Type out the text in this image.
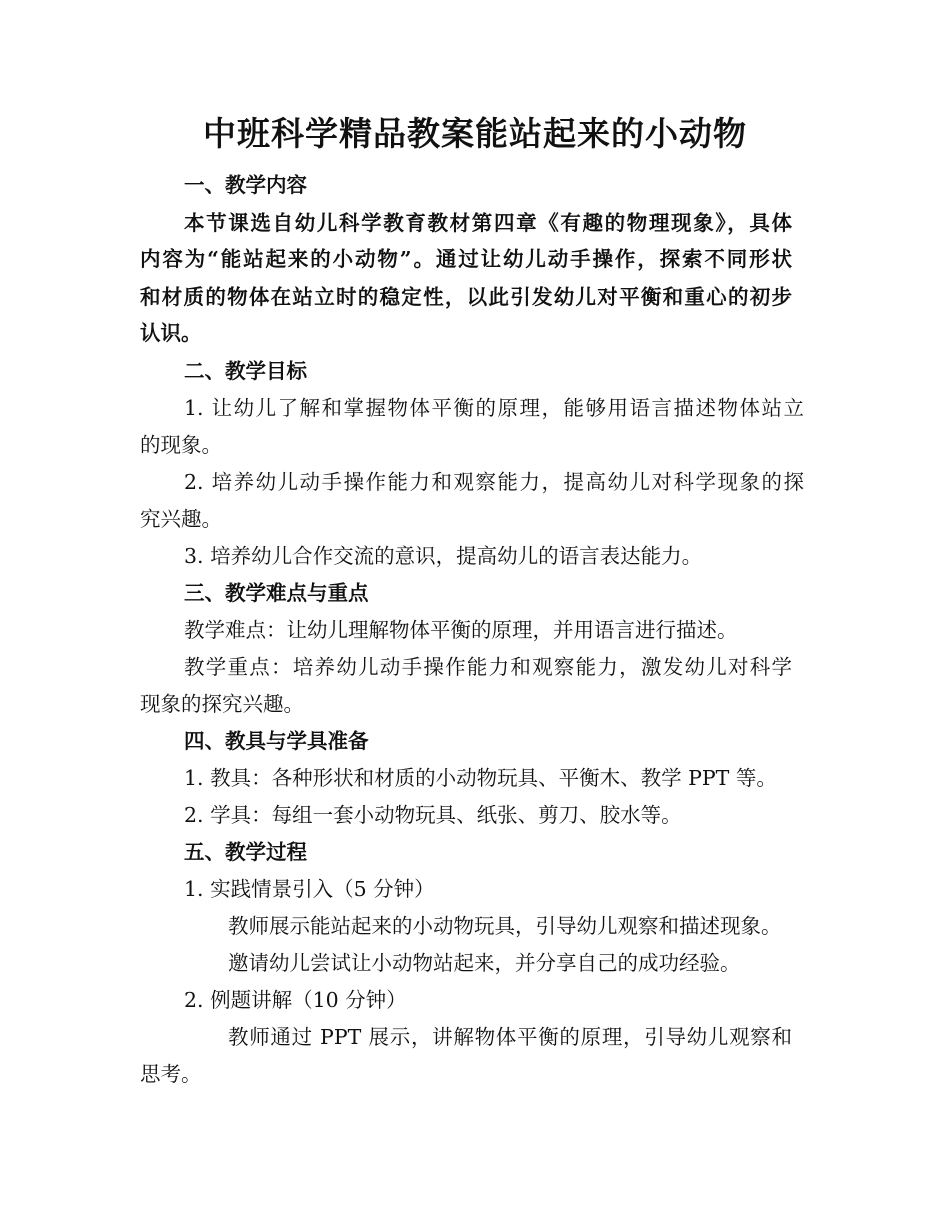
中班科学精品教案能站起来的小动物
一、教学内容
本节课选自幼儿科学教育教材第四章《有趣的物理现象》，具体
内容为“能站起来的小动物”。通过让幼儿动手操作，探索不同形状
和材质的物体在站立时的稳定性，以此引发幼儿对平衡和重心的初步
认识。
二、教学目标
1. 让幼儿了解和掌握物体平衡的原理，能够用语言描述物体站立
的现象。
2. 培养幼儿动手操作能力和观察能力，提高幼儿对科学现象的探
究兴趣。
3. 培养幼儿合作交流的意识，提高幼儿的语言表达能力。
三、教学难点与重点
教学难点：让幼儿理解物体平衡的原理，并用语言进行描述。
教学重点：培养幼儿动手操作能力和观察能力，激发幼儿对科学
现象的探究兴趣。
四、教具与学具准备
1. 教具：各种形状和材质的小动物玩具、平衡木、教学 PPT 等。
2. 学具：每组一套小动物玩具、纸张、剪刀、胶水等。
五、教学过程
1. 实践情景引入（5 分钟）
教师展示能站起来的小动物玩具，引导幼儿观察和描述现象。
邀请幼儿尝试让小动物站起来，并分享自己的成功经验。
2. 例题讲解（10 分钟）
教师通过 PPT 展示，讲解物体平衡的原理，引导幼儿观察和
思考。
